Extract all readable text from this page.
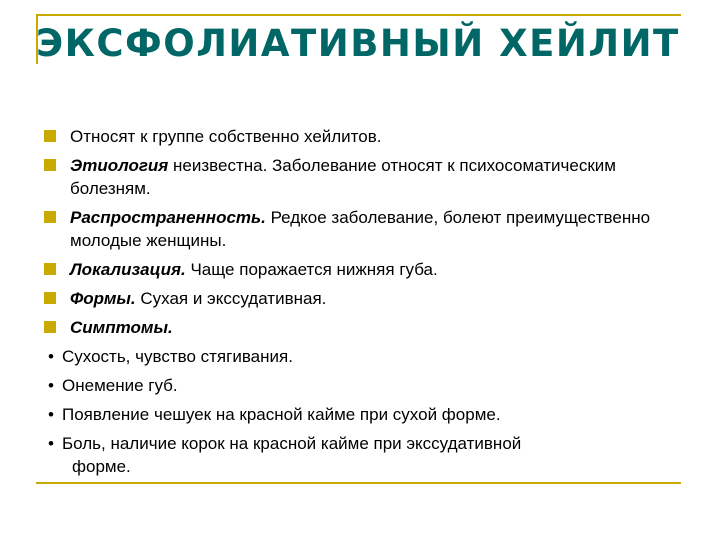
ЭКСФОЛИАТИВНЫЙ ХЕЙЛИТ
Относят к группе собственно хейлитов.
Этиология неизвестна. Заболевание относят к психосоматическим болезням.
Распространенность. Редкое заболевание, болеют преимущественно молодые женщины.
Локализация. Чаще поражается нижняя губа.
Формы. Сухая и экссудативная.
Симптомы.
• Сухость, чувство стягивания.
• Онемение губ.
• Появление чешуек на красной кайме при сухой форме.
• Боль, наличие корок на красной кайме при экссудативной
форме.
